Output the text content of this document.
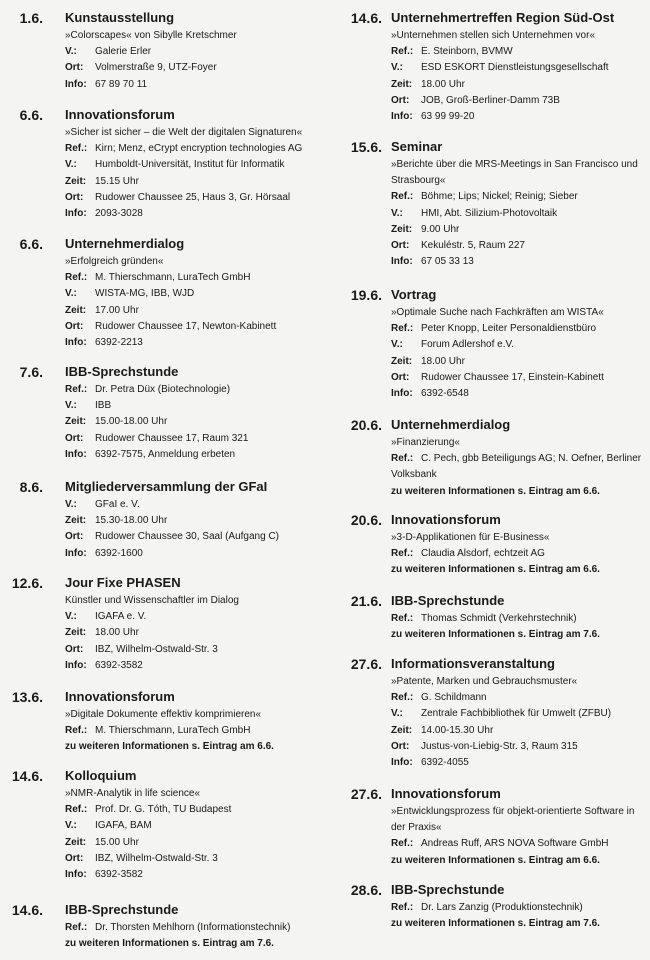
1.6. Kunstausstellung
»Colorscapes« von Sibylle Kretschmer
V.: Galerie Erler
Ort: Volmerstraße 9, UTZ-Foyer
Info: 67 89 70 11
6.6. Innovationsforum
»Sicher ist sicher – die Welt der digitalen Signaturen«
Ref.: Kirn; Menz, eCrypt encryption technologies AG
V.: Humboldt-Universität, Institut für Informatik
Zeit: 15.15 Uhr
Ort: Rudower Chaussee 25, Haus 3, Gr. Hörsaal
Info: 2093-3028
6.6. Unternehmerdialog
»Erfolgreich gründen«
Ref.: M. Thierschmann, LuraTech GmbH
V.: WISTA-MG, IBB, WJD
Zeit: 17.00 Uhr
Ort: Rudower Chaussee 17, Newton-Kabinett
Info: 6392-2213
7.6. IBB-Sprechstunde
Ref.: Dr. Petra Düx (Biotechnologie)
V.: IBB
Zeit: 15.00-18.00 Uhr
Ort: Rudower Chaussee 17, Raum 321
Info: 6392-7575, Anmeldung erbeten
8.6. Mitgliederversammlung der GFaI
V.: GFaI e. V.
Zeit: 15.30-18.00 Uhr
Ort: Rudower Chaussee 30, Saal (Aufgang C)
Info: 6392-1600
12.6. Jour Fixe PHASEN
Künstler und Wissenschaftler im Dialog
V.: IGAFA e. V.
Zeit: 18.00 Uhr
Ort: IBZ, Wilhelm-Ostwald-Str. 3
Info: 6392-3582
13.6. Innovationsforum
»Digitale Dokumente effektiv komprimieren«
Ref.: M. Thierschmann, LuraTech GmbH
zu weiteren Informationen s. Eintrag am 6.6.
14.6. Kolloquium
»NMR-Analytik in life science«
Ref.: Prof. Dr. G. Tóth, TU Budapest
V.: IGAFA, BAM
Zeit: 15.00 Uhr
Ort: IBZ, Wilhelm-Ostwald-Str. 3
Info: 6392-3582
14.6. IBB-Sprechstunde
Ref.: Dr. Thorsten Mehlhorn (Informationstechnik)
zu weiteren Informationen s. Eintrag am 7.6.
14.6. Unternehmertreffen Region Süd-Ost
»Unternehmen stellen sich Unternehmen vor«
Ref.: E. Steinborn, BVMW
V.: ESD ESKORT Dienstleistungsgesellschaft
Zeit: 18.00 Uhr
Ort: JOB, Groß-Berliner-Damm 73B
Info: 63 99 99-20
15.6. Seminar
»Berichte über die MRS-Meetings in San Francisco und Strasbourg«
Ref.: Böhme; Lips; Nickel; Reinig; Sieber
V.: HMI, Abt. Silizium-Photovoltaik
Zeit: 9.00 Uhr
Ort: Kekuléstr. 5, Raum 227
Info: 67 05 33 13
19.6. Vortrag
»Optimale Suche nach Fachkräften am WISTA«
Ref.: Peter Knopp, Leiter Personaldienstbüro
V.: Forum Adlershof e.V.
Zeit: 18.00 Uhr
Ort: Rudower Chaussee 17, Einstein-Kabinett
Info: 6392-6548
20.6. Unternehmerdialog
»Finanzierung«
Ref.: C. Pech, gbb Beteiligungs AG; N. Oefner, Berliner Volksbank
zu weiteren Informationen s. Eintrag am 6.6.
20.6. Innovationsforum
»3-D-Applikationen für E-Business«
Ref.: Claudia Alsdorf, echtzeit AG
zu weiteren Informationen s. Eintrag am 6.6.
21.6. IBB-Sprechstunde
Ref.: Thomas Schmidt (Verkehrstechnik)
zu weiteren Informationen s. Eintrag am 7.6.
27.6. Informationsveranstaltung
»Patente, Marken und Gebrauchsmuster«
Ref.: G. Schildmann
V.: Zentrale Fachbibliothek für Umwelt (ZFBU)
Zeit: 14.00-15.30 Uhr
Ort: Justus-von-Liebig-Str. 3, Raum 315
Info: 6392-4055
27.6. Innovationsforum
»Entwicklungsprozess für objekt-orientierte Software in der Praxis«
Ref.: Andreas Ruff, ARS NOVA Software GmbH
zu weiteren Informationen s. Eintrag am 6.6.
28.6. IBB-Sprechstunde
Ref.: Dr. Lars Zanzig (Produktionstechnik)
zu weiteren Informationen s. Eintrag am 7.6.
